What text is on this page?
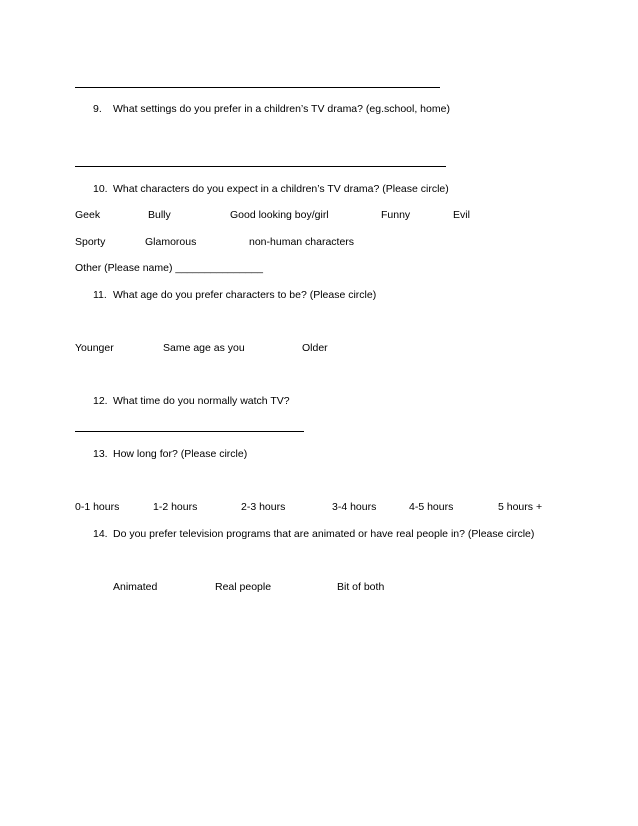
9. What settings do you prefer in a children’s TV drama? (eg.school, home)
10. What characters do you expect in a children’s TV drama? (Please circle)
Geek	Bully	Good looking boy/girl	Funny	Evil
Sporty	Glamorous	non-human characters
Other (Please name) _______________
11. What age do you prefer characters to be? (Please circle)
Younger	Same age as you	Older
12. What time do you normally watch TV?
13. How long for? (Please circle)
0-1 hours	1-2 hours	2-3 hours	3-4 hours	4-5 hours	5 hours +
14. Do you prefer television programs that are animated or have real people in? (Please circle)
Animated	Real people	Bit of both
